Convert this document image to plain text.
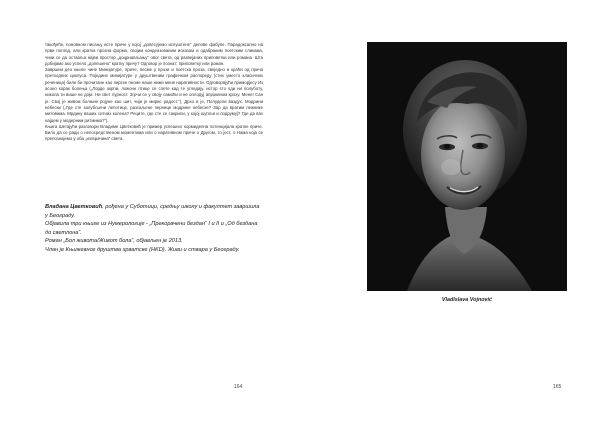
такођеће, поновном писању исте приче у којој „допесујемо испуштене“ делове фабуле. Парадоксално на први поглед, али кратка прозна форма, својим кондензованим исказом и одабраним поетским сликама, чини се да оставља најви простор „доцрнављању“ овог света, од развејаних приповетки или романа. Шта добијамо ако успело „допешено“ кратку причу? Одговор је познат: приповетку или роман.

Завршни део књиге чине Минијатуре, приче, песме у прози и поетска проза, свеједно и краћи од прича претходних циклуса. Поједине минијатуре у друштвеним графичком распореду (стих уместо класичних реченица) биле би прочитане као лирске песме наше ниже мене наративности. Одговорајући приморјесу Из асоно корак болења („Лорде окрпи, ложоне птице се слете кад те угледају, истор ѕто ѕди ни полуботу, никола ти више не доји. Ни свет лурност. Згрчи се у своју самоћи и не оплодуј апрокином кроху. Мене! Сан је. Свој је живом болњие ројуне као шит, чији је мирис радост.“), Дрхо и је, Полудели ваздух, Модрини небески („Где сте залубљени лепотице, разсаљене пернице модрине небеске? Зар да вратим лежнике митовима. Мрдину ваших ситних колена? Реците, где сте се сакрили, у којој шупљи и подрумуј? Где да вас најдем у модерним ритмима?“).

Књига Шетајући разговори Владиме Цветковић је пример успешног кормиделна потенцијала кратке приче. Било да се ради о непосредственом моментима или о наративном приче о Другом, то јест, о Нама која се препознајемо у оба „изгврачина“ света.

Владана Цветковић, рођена у Суботици, средњу школу и факултет завршила у Београду.

Објавила три књиге из Нумерологије - „Прекорачени бездан“ I и II и „Од бездана до светлона“.

Роман „Бол живота/Живот бола“, објављен је 2013.

Члан је Књижевног друштва хрватске (HKD). Живи и ствара у Београду.

164
Vladislava Vojnović
165
